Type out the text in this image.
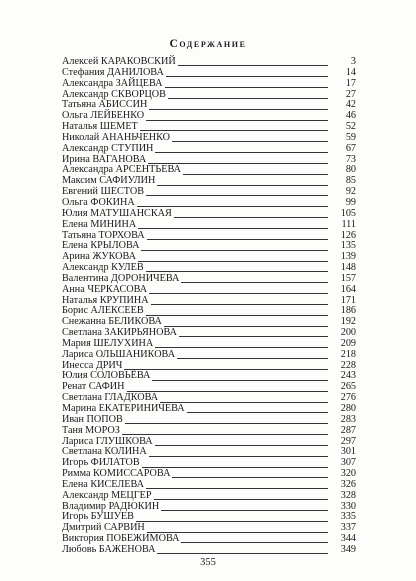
Содержание
Алексей КАРАКОВСКИЙ	3
Стефания ДАНИЛОВА	14
Александра ЗАЙЦЕВА	17
Александр СКВОРЦОВ	27
Татьяна АБИССИН	42
Ольга ЛЕЙБЕНКО	46
Наталья ШЕМЕТ	52
Николай АНАНЬЧЕНКО	59
Александр СТУПИН	67
Ирина ВАГАНОВА	73
Александра АРСЕНТЬЕВА	80
Максим САФИУЛИН	85
Евгений ШЕСТОВ	92
Ольга ФОКИНА	99
Юлия МАТУШАНСКАЯ	105
Елена МИНИНА	111
Татьяна ТОРХОВА	126
Елена КРЫЛОВА	135
Арина ЖУКОВА	139
Александр КУЛЕВ	148
Валентина ДОРОНИЧЕВА	157
Анна ЧЕРКАСОВА	164
Наталья КРУПИНА	171
Борис АЛЕКСЕЕВ	186
Снежанна БЕЛИКОВА	192
Светлана ЗАКИРЬЯНОВА	200
Мария ШЕЛУХИНА	209
Лариса ОЛЬШАНИКОВА	218
Инесса ДРИЧ	228
Юлия СОЛОВЬЁВА	243
Ренат САФИН	265
Светлана ГЛАДКОВА	276
Марина ЕКАТЕРИНИЧЕВА	280
Иван ПОПОВ	283
Таня МОРОЗ	287
Лариса ГЛУШКОВА	297
Светлана КОЛИНА	301
Игорь ФИЛАТОВ	307
Римма КОМИССАРОВА	320
Елена КИСЕЛЕВА	326
Александр МЕЦГЕР	328
Владимир РАДЮКИН	330
Игорь БУШУЕВ	335
Дмитрий САРВИН	337
Виктория ПОБЕЖИМОВА	344
Любовь БАЖЕНОВА	349
355
